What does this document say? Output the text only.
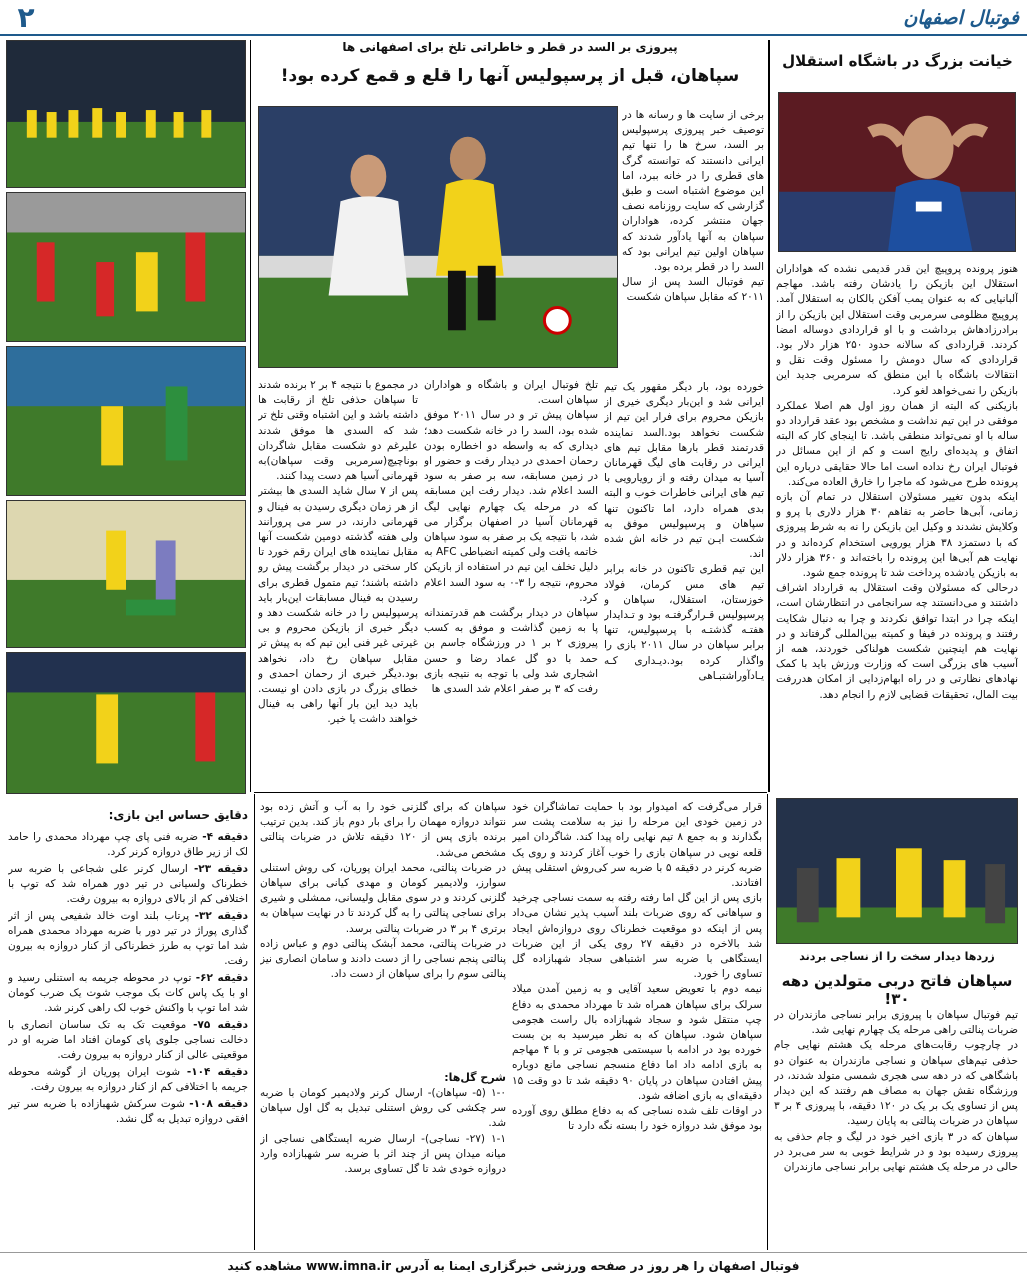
۲	فوتبال اصفهان
خیانت بزرگ در باشگاه استقلال

هنوز پرونده پروپیچ این قدر قدیمی نشده که هواداران استقلال این بازیکن را یادشان رفته باشد. مهاجم آلبانیایی که به عنوان یمب آفکن بالکان به استقلال آمد. پروپیچ مظلومی سرمربی وقت استقلال این بازیکن را از برادرزادهاش برداشت و با او قراردادی دوساله امضا کردند. قراردادی که سالانه حدود ۲۵۰ هزار دلار بود. قراردادی که سال دومش را مسئول وقت نقل و انتقالات باشگاه با این منطق که سرمربی جدید این بازیکن را نمی‌خواهد لغو کرد.
بازیکنی که البته از همان روز اول هم اصلا عملکرد موفقی در این تیم نداشت و مشخص بود عقد قرارداد دو ساله با او نمی‌تواند منطقی باشد. تا اینجای کار که البته اتفاق و پدیده‌ای رایج است و کم از این مسائل در فوتبال ایران رخ نداده است اما حالا حقایقی درباره این پرونده طرح می‌شود که ماجرا را خارق العاده می‌کند.
اینکه بدون تغییر مسئولان استقلال در تمام آن بازه زمانی، آبی‌ها حاضر به تفاهم ۳۰ هزار دلاری با پرو و وکلایش نشدند و وکیل این بازیکن را نه به شرط پیروزی که با دستمزد ۳۸ هزار یورویی استخدام کرده‌اند و در نهایت هم آبی‌ها این پرونده را باخته‌اند و ۳۶۰ هزار دلار به بازیکن یادشده پرداخت شد تا پرونده جمع شود.
درحالی که مسئولان وقت استقلال به قرارداد اشراف داشتند و می‌دانستند چه سرانجامی در انتظارشان است، اینکه چرا در ابتدا توافق نکردند و چرا به دنبال شکایت رفتند و پرونده در فیفا و کمیته بین‌المللی گرفتاند و در نهایت هم اینچنین شکست هولناکی خوردند، همه از آسیب های بزرگی است که وزارت ورزش باید با کمک نهادهای نظارتی و در راه ابهام‌زدایی از امکان هدررفت بیت المال، تحقیقات قضایی لازم را انجام دهد.

پیروزی بر السد در قطر و خاطراتی تلخ برای اصفهانی ها
سپاهان، قبل از پرسپولیس آنها را قلع و قمع کرده بود!

برخی از سایت ها و رسانه ها در توصیف خبر پیروزی پرسپولیس بر السد، سرخ ها را تنها تیم ایرانی دانستند که توانسته گرگ های قطری را در خانه ببرد، اما این موضوع اشتباه است و طبق گزارشی که سایت روزنامه نصف جهان منتشر کرده، هواداران سپاهان به آنها یادآور شدند که سپاهان اولین تیم ایرانی بود که السد را در قطر برده بود.
تیم فوتبال السد پس از سال ۲۰۱۱ که مقابل سپاهان شکست

خورده بود، بار دیگر مقهور یک تیم ایرانی شد و این‌بار دیگری خیری از بازیکن محروم برای فرار این تیم از شکست نخواهد بود.السد نماینده قدرتمند قطر بارها مقابل تیم های ایرانی در رقابت های لیگ قهرمانان آسیا به میدان رفته و از رویارویی با تیم های ایرانی خاطرات خوب و البته بدی همراه دارد، اما تاکنون تنها سپاهان و پرسپولیس موفق به شکست ایـن تیم در خانه اش شده اند.
این تیم قطری تاکنون در خانه برابر تیم های مس کرمان، فولاد خوزستان، استقلال، سپاهان و پرسپولیس قـرارگرفتـه بود و تـدایدار هفتـه گذشتـه با پرسپولیس، تنها برابر سپاهان در سال ۲۰۱۱ بازی را واگذار کرده بود.دیـداری کـه یـادآوراشتبـاهی

تلخ فوتبال ایران و باشگاه و هواداران سپاهان است.
سپاهان پیش تر و در سال ۲۰۱۱ موفق شده بود، السد را در خانه شکست دهد؛ دیداری که به واسطه دو اخطاره بودن رحمان احمدی در دیدار رفت و حضور او در زمین مسابقه، سه بر صفر به سود السد اعلام شد. دیدار رفت این مسابقه که در مرحله یک چهارم نهایی لیگ قهرمانان آسیا در اصفهان برگزار می شد، با نتیجه یک بر صفر به سود سپاهان خاتمه یافت ولی کمیته انضباطی AFC به دلیل تخلف این تیم در استفاده از بازیکن محروم، نتیجه را ۳-۰ به سود السد اعلام کرد.
سپاهان در دیدار برگشت هم قدرتمندانه پا به زمین گذاشت و موفق به کسب پیروزی ۲ بر ۱ در ورزشگاه جاسم بن حمد با دو گل عماد رضا و حسن اشجاری شد ولی با توجه به نتیجه بازی رفت که ۳ بر صفر اعلام شد السدی ها

در مجموع با نتیجه ۴ بر ۲ برنده شدند تا سپاهان حذفی تلخ از رقابت ها داشته باشد و این اشتباه وقتی تلخ تر شد که السدی ها موفق شدند علیرغم دو شکست مقابل شاگردان بوناچیچ(سرمربی وقت سپاهان)به قهرمانی آسیا هم دست پیدا کنند.
پس از ۷ سال شاید السدی ها بیشتر از هر زمان دیگری رسیدن به فینال و قهرمانی دارند، در سر می پرورانند ولی هفته گذشته دومین شکست آنها مقابل نماینده های ایران رقم خورد تا کار سختی در دیدار برگشت پیش رو داشته باشند؛ تیم متمول قطری برای رسیدن به فینال مسابقات این‌بار باید پرسپولیس را در خانه شکست دهد و دیگر خبری از بازیکن محروم و بی غیرتی غیر فنی این تیم که به پیش تر مقابل سپاهان رخ داد، نخواهد بود.دیگر خبری از رحمان احمدی و خطای بزرگ در بازی دادن او نیست. باید دید این بار آنها راهی به فینال خواهند داشت یا خیر.

زردها دیدار سخت را از نساجی بردند
سپاهان فاتح دربی متولدین دهه ۳۰!

تیم فوتبال سپاهان با پیروزی برابر نساجی مازندران در ضربات پنالتی راهی مرحله یک چهارم نهایی شد.
در چارچوب رقابت‌های مرحله یک هشتم نهایی جام حذفی تیم‌های سپاهان و نساجی مازندران به عنوان دو باشگاهی که در دهه سی هجری شمسی متولد شدند، در ورزشگاه نقش جهان به مصاف هم رفتند که این دیدار پس از تساوی یک بر یک در ۱۲۰ دقیقه، با پیروزی ۴ بر ۳ سپاهان در ضربات پنالتی به پایان رسید.
سپاهان که در ۳ بازی اخیر خود در لیگ و جام حذفی به پیروزی رسیده بود و در شرایط خوبی به سر می‌برد در حالی در مرحله یک هشتم نهایی برابر نساجی مازندران

قرار می‌گرفت که امیدوار بود با حمایت تماشاگران خود در زمین خودی این مرحله را نیز به سلامت پشت سر بگذارند و به جمع ۸ تیم نهایی راه پیدا کند. شاگردان امیر قلعه نویی در سپاهان بازی را خوب آغاز کردند و روی یک ضربه کرنر در دقیقه ۵ با ضربه سر کی‌روش استقلی پیش افتادند.
بازی پس از این گل اما رفته رفته به سمت نساجی چرخید و سپاهانی که روی ضربات بلند آسیب پذیر نشان می‌داد پس از اینکه دو موقعیت خطرناک روی دروازه‌اش ایجاد شد بالاخره در دقیقه ۲۷ روی یکی از این ضربات ایستگاهی با ضربه سر اشتباهی سجاد شهبازاده گل تساوی را خورد.
نیمه دوم با تعویض سعید آقایی و به زمین آمدن میلاد سرلک برای سپاهان همراه شد تا مهرداد محمدی به دفاع چپ منتقل شود و سجاد شهبازاده بال راست هجومی سپاهان شود. سپاهان که به نظر میرسید به بن بست خورده بود در ادامه با سیستمی هجومی تر و با ۴ مهاجم به بازی ادامه داد اما دفاع منسجم نساجی مانع دوباره پیش افتادن سپاهان در پایان ۹۰ دقیقه شد تا دو وقت ۱۵ دقیقه‌ای به بازی اضافه شود.
در اوقات تلف شده نساجی که به دفاع مطلق روی آورده بود موفق شد دروازه خود را بسته نگه دارد تا

سپاهان که برای گلزنی خود را به آب و آتش زده بود نتواند دروازه مهمان را برای بار دوم باز کند. بدین ترتیب برنده بازی پس از ۱۲۰ دقیقه تلاش در ضربات پنالتی مشخص می‌شد.
در ضربات پنالتی، محمد ایران پوریان، کی روش استنلی سوارز، ولادیمیر کومان و مهدی کیانی برای سپاهان گلزنی کردند و در سوی مقابل ولیسانی، ممشلی و شیری برای نساجی پنالتی را به گل کردند تا در نهایت سپاهان به برتری ۴ بر ۳ در ضربات پنالتی برسد.
در ضربات پنالتی، محمد آبشک پنالتی دوم و عباس زاده پنالتی پنجم نساجی را از دست دادند و سامان انصاری نیز پنالتی سوم را برای سپاهان از دست داد.

شرح گل‌ها:

۱-۰ (۵- سپاهان)- ارسال کرنر ولادیمیر کومان با ضربه سر چکشی کی روش استنلی تبدیل به گل اول سپاهان شد.
۱-۱ (۲۷- نساجی)- ارسال ضربه ایستگاهی نساجی از میانه میدان پس از چند اثر با ضربه سر شهبازاده وارد دروازه خودی شد تا گل تساوی برسد.

دقایق حساس این بازی:

دقیقه ۴- ضربه فنی پای چپ مهرداد محمدی را حامد لک از زیر طاق دروازه کرنر کرد.

دقیقه ۲۳- ارسال کرنر علی شجاعی با ضربه سر خطرناک ولسیانی در تیر دور همراه شد که توپ با اختلافی کم از بالای دروازه به بیرون رفت.

دقیقه ۳۲- پرتاب بلند اوت خالد شفیعی پس از اثر گذاری پوراژ در تیر دور با ضربه مهرداد محمدی همراه شد اما توپ به طرز خطرناکی از کنار دروازه به بیرون رفت.

دقیقه ۶۲- توپ در محوطه جریمه به استنلی رسید و او با یک پاس کات بک موجب شوت یک ضرب کومان شد اما توپ با واکنش خوب لک راهی کرنر شد.

دقیقه ۷۵- موقعیت تک به تک ساسان انصاری با دخالت نساجی جلوی پای کومان افتاد اما ضربه او در موقعیتی عالی از کنار دروازه به بیرون رفت.

دقیقه ۱۰۴- شوت ایران پوریان از گوشه محوطه جریمه با اختلافی کم از کنار دروازه به بیرون رفت.

دقیقه ۱۰۸- شوت سرکش شهبازاده با ضربه سر تیر افقی دروازه تبدیل به گل نشد.

فوتبال اصفهان را هر روز در صفحه ورزشی خبرگزاری ایمنا به آدرس www.imna.ir مشاهده کنید
